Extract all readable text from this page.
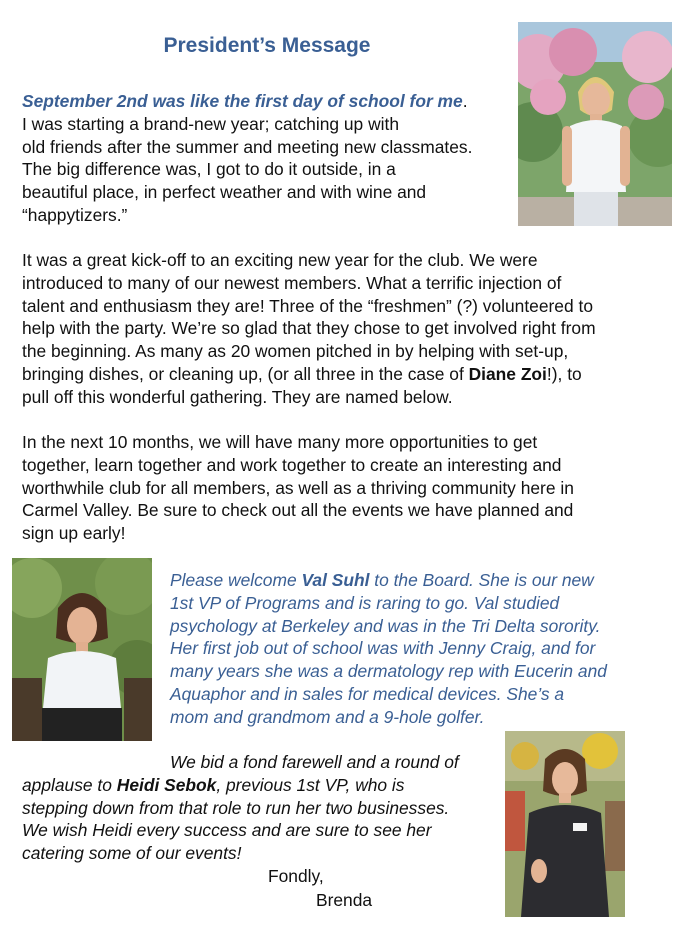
President’s Message
September 2nd was like the first day of school for me.
I was starting a brand-new year; catching up with
old friends after the summer and meeting new classmates.
The big difference was, I got to do it outside, in a
beautiful place, in perfect weather and with wine and
“happytizers.”
It was a great kick-off to an exciting new year for the club. We were
introduced to many of our newest members. What a terrific injection of
talent and enthusiasm they are! Three of the “freshmen” (?) volunteered to
help with the party. We’re so glad that they chose to get involved right from
the beginning. As many as 20 women pitched in by helping with set-up,
bringing dishes, or cleaning up, (or all three in the case of Diane Zoi!), to
pull off this wonderful gathering. They are named below.
In the next 10 months, we will have many more opportunities to get
together, learn together and work together to create an interesting and
worthwhile club for all members, as well as a thriving community here in
Carmel Valley. Be sure to check out all the events we have planned and
sign up early!
Please welcome Val Suhl to the Board. She is our new
1st VP of Programs and is raring to go. Val studied
psychology at Berkeley and was in the Tri Delta sorority.
Her first job out of school was with Jenny Craig, and for
many years she was a dermatology rep with Eucerin and
Aquaphor and in sales for medical devices. She’s a
mom and grandmom and a 9-hole golfer.
We bid a fond farewell and a round of
applause to Heidi Sebok, previous 1st VP, who is
stepping down from that role to run her two businesses.
We wish Heidi every success and are sure to see her
catering some of our events!
Fondly,
Brenda
